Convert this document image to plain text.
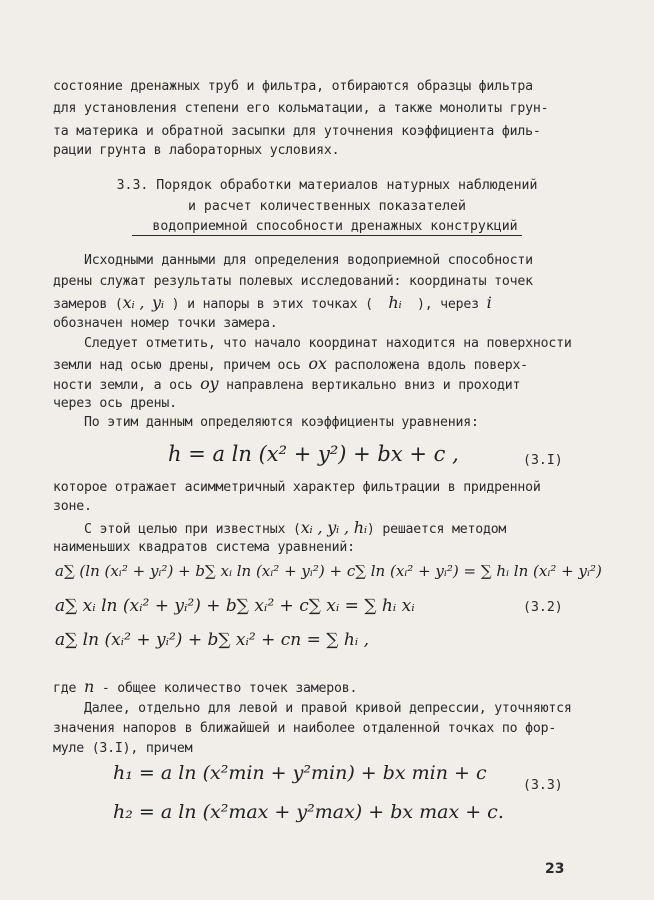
состояние дренажных труб и фильтра, отбираются образцы фильтра
для установления степени его кольматации, а также монолиты грун-
та материка и обратной засыпки для уточнения коэффициента филь-
рации грунта в лабораторных условиях.
3.3. Порядок обработки материалов натурных наблюдений
и расчет количественных показателей
водоприемной способности дренажных конструкций
Исходными данными для определения водоприемной способности
дрены служат результаты полевых исследований: координаты точек
замеров (xᵢ , yᵢ ) и напоры в этих точках ( hᵢ ), через i
обозначен номер точки замера.
Следует отметить, что начало координат находится на поверхности
земли над осью дрены, причем ось ox расположена вдоль поверх-
ности земли, а ось oy направлена вертикально вниз и проходит
через ось дрены.
По этим данным определяются коэффициенты уравнения:
h = a ln (x² + y²) + bx + c ,	(3.I)
которое отражает асимметричный характер фильтрации в придренной
зоне.
С этой целью при известных (xᵢ , yᵢ , hᵢ) решается методом
наименьших квадратов система уравнений:
a∑ (ln (xᵢ² + yᵢ²) + b∑ xᵢ ln (xᵢ² + yᵢ²) + c∑ ln (xᵢ² + yᵢ²) = ∑ hᵢ ln (xᵢ² + yᵢ²)
a∑ xᵢ ln (xᵢ² + yᵢ²) + b∑ xᵢ² + c∑ xᵢ = ∑ hᵢ xᵢ	(3.2)
a∑ ln (xᵢ² + yᵢ²) + b∑ xᵢ² + cn = ∑ hᵢ ,
где n - общее количество точек замеров.
Далее, отдельно для левой и правой кривой депрессии, уточняются
значения напоров в ближайшей и наиболее отдаленной точках по фор-
муле (3.I), причем
h₁ = a ln (x²min + y²min) + bx min + c
(3.3)
h₂ = a ln (x²max + y²max) + bx max + c.
23
